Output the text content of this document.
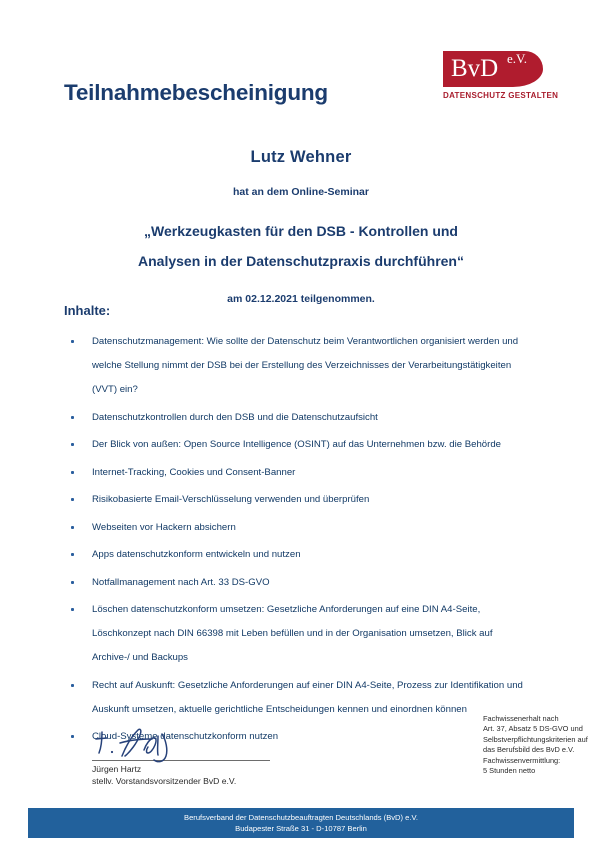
Teilnahmebescheinigung
BvD e.V.
DATENSCHUTZ GESTALTEN
Lutz Wehner
hat an dem Online-Seminar
„Werkzeugkasten für den DSB - Kontrollen und
Analysen in der Datenschutzpraxis durchführen“
am 02.12.2021 teilgenommen.
Inhalte:
Datenschutzmanagement: Wie sollte der Datenschutz beim Verantwortlichen organisiert werden und welche Stellung nimmt der DSB bei der Erstellung des Verzeichnisses der Verarbeitungstätigkeiten (VVT) ein?
Datenschutzkontrollen durch den DSB und die Datenschutzaufsicht
Der Blick von außen: Open Source Intelligence (OSINT) auf das Unternehmen bzw. die Behörde
Internet-Tracking, Cookies und Consent-Banner
Risikobasierte Email-Verschlüsselung verwenden und überprüfen
Webseiten vor Hackern absichern
Apps datenschutzkonform entwickeln und nutzen
Notfallmanagement nach Art. 33 DS-GVO
Löschen datenschutzkonform umsetzen: Gesetzliche Anforderungen auf eine DIN A4-Seite, Löschkonzept nach DIN 66398 mit Leben befüllen und in der Organisation umsetzen, Blick auf Archive-/ und Backups
Recht auf Auskunft: Gesetzliche Anforderungen auf einer DIN A4-Seite, Prozess zur Identifikation und Auskunft umsetzen, aktuelle gerichtliche Entscheidungen kennen und einordnen können
Cloud-Systeme datenschutzkonform nutzen
Jürgen Hartz
stellv. Vorstandsvorsitzender BvD e.V.
Fachwissenerhalt nach
Art. 37, Absatz 5 DS-GVO und
Selbstverpflichtungskriterien auf
das Berufsbild des BvD e.V.
Fachwissenvermittlung:
5 Stunden netto
Berufsverband der Datenschutzbeauftragten Deutschlands (BvD) e.V.
Budapester Straße 31 - D-10787 Berlin
